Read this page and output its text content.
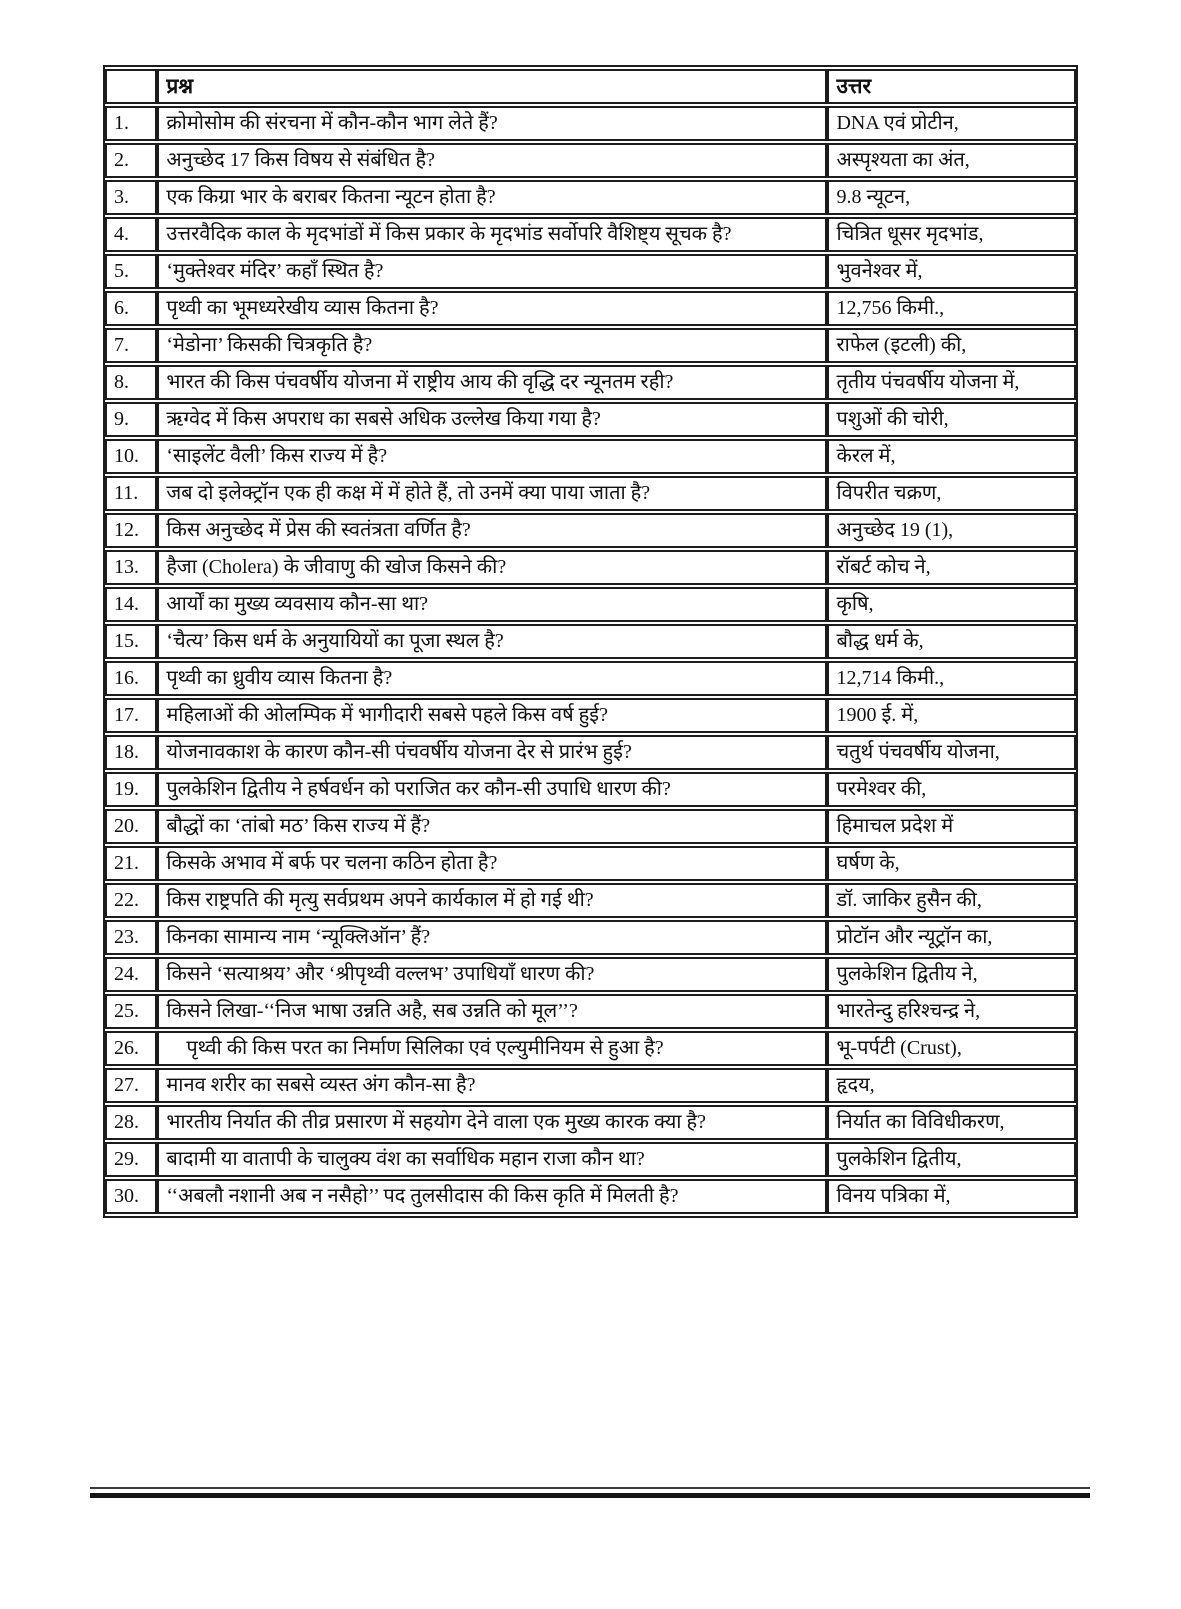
	प्रश्न	उत्तर
1.	क्रोमोसोम की संरचना में कौन-कौन भाग लेते हैं?	DNA एवं प्रोटीन,
2.	अनुच्छेद 17 किस विषय से संबंधित है?	अस्पृश्यता का अंत,
3.	एक किग्रा भार के बराबर कितना न्यूटन होता है?	9.8 न्यूटन,
4.	उत्तरवैदिक काल के मृदभांडों में किस प्रकार के मृदभांड सर्वोपरि वैशिष्ट्य सूचक है?	चित्रित धूसर मृदभांड,
5.	‘मुक्तेश्वर मंदिर’ कहाँ स्थित है?	भुवनेश्वर में,
6.	पृथ्वी का भूमध्यरेखीय व्यास कितना है?	12,756 किमी.,
7.	‘मेडोना’ किसकी चित्रकृति है?	राफेल (इटली) की,
8.	भारत की किस पंचवर्षीय योजना में राष्ट्रीय आय की वृद्धि दर न्यूनतम रही?	तृतीय पंचवर्षीय योजना में,
9.	ऋग्वेद में किस अपराध का सबसे अधिक उल्लेख किया गया है?	पशुओं की चोरी,
10.	‘साइलेंट वैली’ किस राज्य में है?	केरल में,
11.	जब दो इलेक्ट्रॉन एक ही कक्ष में में होते हैं, तो उनमें क्या पाया जाता है?	विपरीत चक्रण,
12.	किस अनुच्छेद में प्रेस की स्वतंत्रता वर्णित है?	अनुच्छेद 19 (1),
13.	हैजा (Cholera) के जीवाणु की खोज किसने की?	रॉबर्ट कोच ने,
14.	आर्यों का मुख्य व्यवसाय कौन-सा था?	कृषि,
15.	‘चैत्य’ किस धर्म के अनुयायियों का पूजा स्थल है?	बौद्ध धर्म के,
16.	पृथ्वी का ध्रुवीय व्यास कितना है?	12,714 किमी.,
17.	महिलाओं की ओलम्पिक में भागीदारी सबसे पहले किस वर्ष हुई?	1900 ई. में,
18.	योजनावकाश के कारण कौन-सी पंचवर्षीय योजना देर से प्रारंभ हुई?	चतुर्थ पंचवर्षीय योजना,
19.	पुलकेशिन द्वितीय ने हर्षवर्धन को पराजित कर कौन-सी उपाधि धारण की?	परमेश्वर की,
20.	बौद्धों का ‘तांबो मठ’ किस राज्य में हैं?	हिमाचल प्रदेश में
21.	किसके अभाव में बर्फ पर चलना कठिन होता है?	घर्षण के,
22.	किस राष्ट्रपति की मृत्यु सर्वप्रथम अपने कार्यकाल में हो गई थी?	डॉ. जाकिर हुसैन की,
23.	किनका सामान्य नाम ‘न्यूक्लिऑन’ हैं?	प्रोटॉन और न्यूट्रॉन का,
24.	किसने ‘सत्याश्रय’ और ‘श्रीपृथ्वी वल्लभ’ उपाधियाँ धारण की?	पुलकेशिन द्वितीय ने,
25.	किसने लिखा-‘‘निज भाषा उन्नति अहै, सब उन्नति को मूल’’?	भारतेन्दु हरिश्चन्द्र ने,
26.	पृथ्वी की किस परत का निर्माण सिलिका एवं एल्युमीनियम से हुआ है?	भू-पर्पटी (Crust),
27.	मानव शरीर का सबसे व्यस्त अंग कौन-सा है?	हृदय,
28.	भारतीय निर्यात की तीव्र प्रसारण में सहयोग देने वाला एक मुख्य कारक क्या है?	निर्यात का विविधीकरण,
29.	बादामी या वातापी के चालुक्य वंश का सर्वाधिक महान राजा कौन था?	पुलकेशिन द्वितीय,
30.	‘‘अबलौ नशानी अब न नसैहो’’ पद तुलसीदास की किस कृति में मिलती है?	विनय पत्रिका में,
